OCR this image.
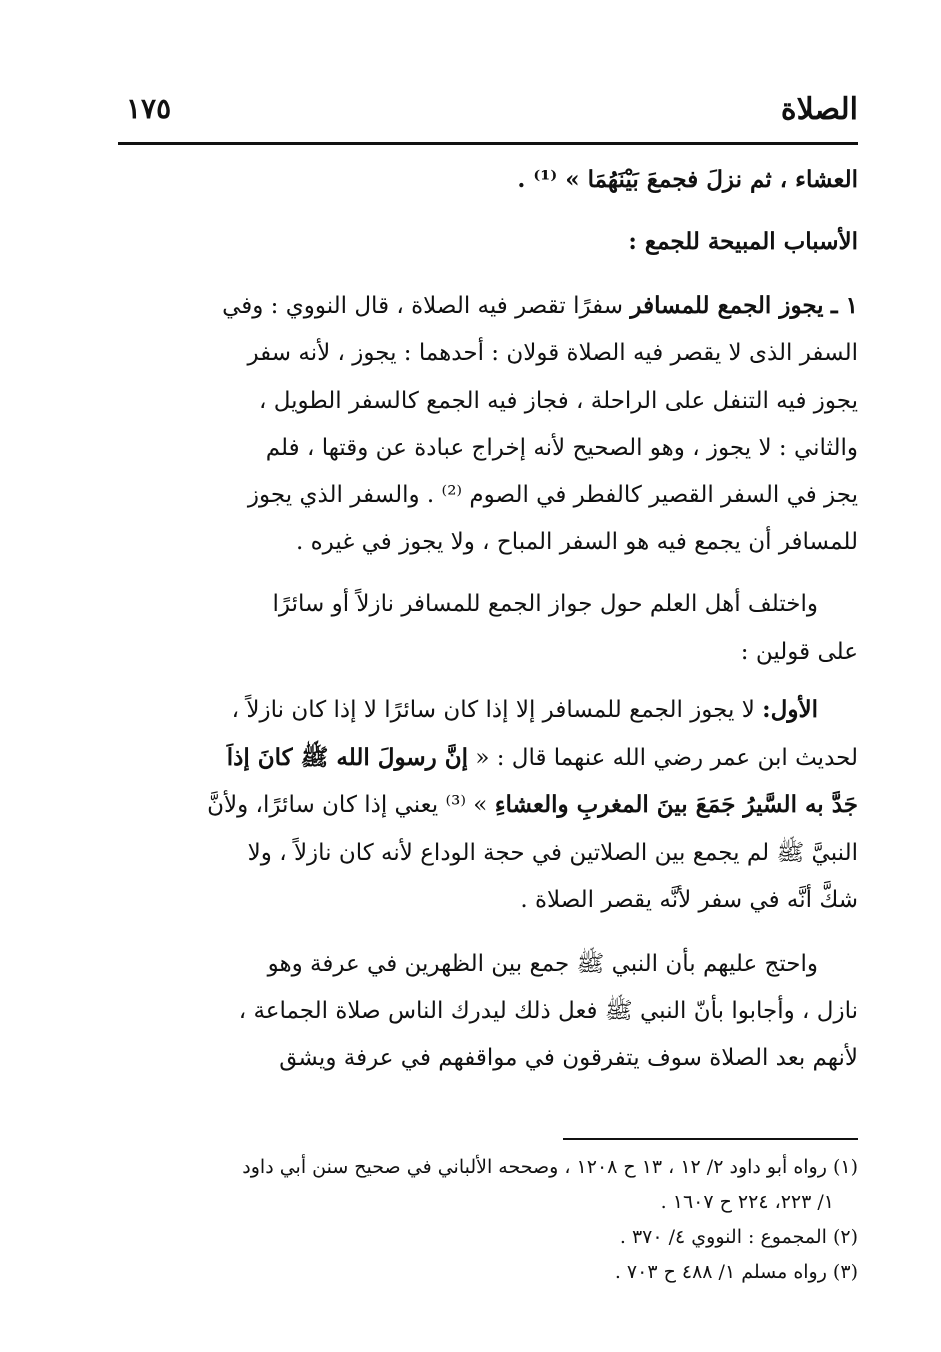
الصلاة
١٧٥
العشاء ، ثم نزلَ فجمعَ بَيْنَهُمَا » ⁽¹⁾ .
الأسباب المبيحة للجمع :
١ ـ يجوز الجمع للمسافر سفرًا تقصر فيه الصلاة ، قال النووي : وفي
السفر الذى لا يقصر فيه الصلاة قولان : أحدهما : يجوز ، لأنه سفر
يجوز فيه التنفل على الراحلة ، فجاز فيه الجمع كالسفر الطويل ،
والثاني : لا يجوز ، وهو الصحيح لأنه إخراج عبادة عن وقتها ، فلم
يجز في السفر القصير كالفطر في الصوم ⁽²⁾ . والسفر الذي يجوز
للمسافر أن يجمع فيه هو السفر المباح ، ولا يجوز في غيره .
واختلف أهل العلم حول جواز الجمع للمسافر نازلاً أو سائرًا
على قولين :
الأول: لا يجوز الجمع للمسافر إلا إذا كان سائرًا لا إذا كان نازلاً ،
لحديث ابن عمر رضي الله عنهما قال : « إنَّ رسولَ الله ﷺ كانَ إذاَ
جَدَّ به السَّيرُ جَمَعَ بينَ المغربِ والعشاءِ » ⁽³⁾ يعني إذا كان سائرًا، ولأنَّ
النبيَّ ﷺ لم يجمع بين الصلاتين في حجة الوداع لأنه كان نازلاً ، ولا
شكَّ أنَّه في سفر لأنَّه يقصر الصلاة .
واحتج عليهم بأن النبي ﷺ جمع بين الظهرين في عرفة وهو
نازل ، وأجابوا بأنّ النبي ﷺ فعل ذلك ليدرك الناس صلاة الجماعة ،
لأنهم بعد الصلاة سوف يتفرقون في مواقفهم في عرفة ويشق
(١) رواه أبو داود ٢/ ١٢ ، ١٣ ح ١٢٠٨ ، وصححه الألباني في صحيح سنن أبي داود
١/ ٢٢٣، ٢٢٤ ح ١٦٠٧ .
(٢) المجموع : النووي ٤/ ٣٧٠ .
(٣) رواه مسلم ١/ ٤٨٨ ح ٧٠٣ .
